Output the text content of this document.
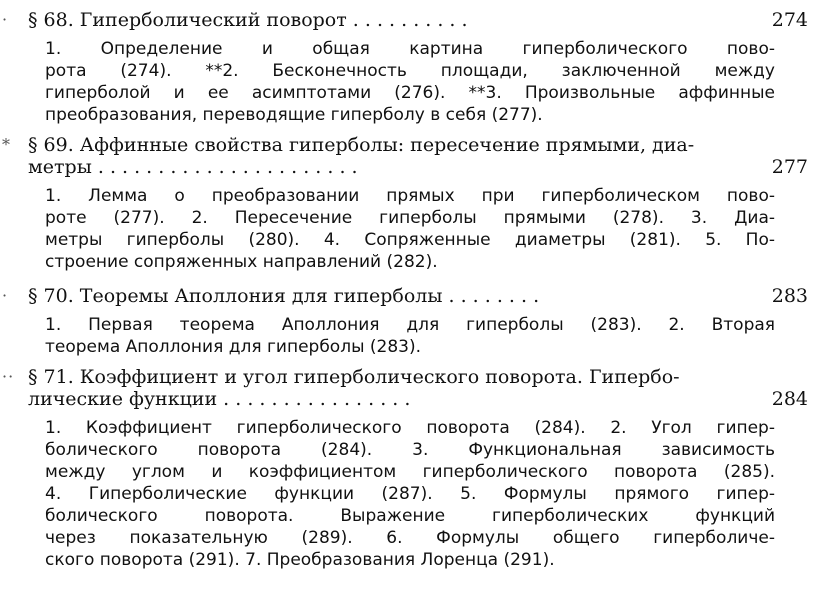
·	§ 68. Гиперболический поворот . . . . . . . . . .	274
1. Определение и общая картина гиперболического пово-
рота (274). **2. Бесконечность площади, заключенной между
гиперболой и ее асимптотами (276). **3. Произвольные аффинные
преобразования, переводящие гиперболу в себя (277).
* § 69. Аффинные свойства гиперболы: пересечение прямыми, диа-
метры . . . . . . . . . . . . . . . . . . . . . .	277
1. Лемма о преобразовании прямых при гиперболическом пово-
роте (277). 2. Пересечение гиперболы прямыми (278). 3. Диа-
метры гиперболы (280). 4. Сопряженные диаметры (281). 5. По-
строение сопряженных направлений (282).
·	§ 70. Теоремы Аполлония для гиперболы . . . . . . . .	283
1. Первая теорема Аполлония для гиперболы (283). 2. Вторая
теорема Аполлония для гиперболы (283).
·· § 71. Коэффициент и угол гиперболического поворота. Гипербо-
лические функции . . . . . . . . . . . . . . . .	284
1. Коэффициент гиперболического поворота (284). 2. Угол гипер-
болического поворота (284). 3. Функциональная зависимость
между углом и коэффициентом гиперболического поворота (285).
4. Гиперболические функции (287). 5. Формулы прямого гипер-
болического поворота. Выражение гиперболических функций
через показательную (289). 6. Формулы общего гиперболиче-
ского поворота (291). 7. Преобразования Лоренца (291).
